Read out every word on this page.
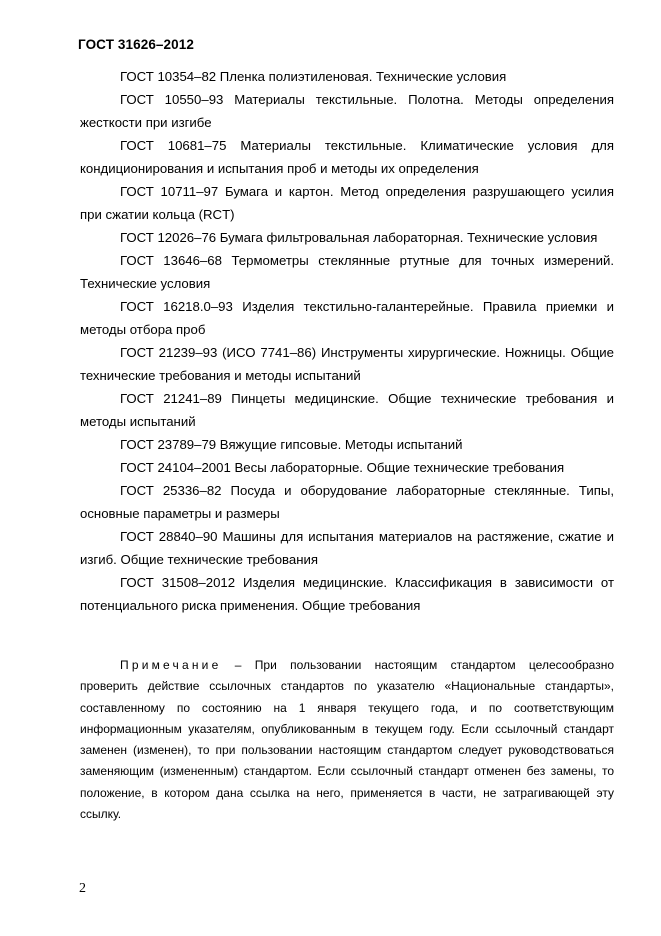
ГОСТ 31626–2012

ГОСТ 10354–82 Пленка полиэтиленовая. Технические условия

ГОСТ 10550–93 Материалы текстильные. Полотна. Методы определения жесткости при изгибе

ГОСТ 10681–75 Материалы текстильные. Климатические условия для кондиционирования и испытания проб и методы их определения

ГОСТ 10711–97 Бумага и картон. Метод определения разрушающего усилия при сжатии кольца (RCT)

ГОСТ 12026–76 Бумага фильтровальная лабораторная. Технические условия

ГОСТ 13646–68 Термометры стеклянные ртутные для точных измерений. Технические условия

ГОСТ 16218.0–93 Изделия текстильно-галантерейные. Правила приемки и методы отбора проб

ГОСТ 21239–93 (ИСО 7741–86) Инструменты хирургические. Ножницы. Общие технические требования и методы испытаний

ГОСТ 21241–89 Пинцеты медицинские. Общие технические требования и методы испытаний

ГОСТ 23789–79 Вяжущие гипсовые. Методы испытаний

ГОСТ 24104–2001 Весы лабораторные. Общие технические требования

ГОСТ 25336–82 Посуда и оборудование лабораторные стеклянные. Типы, основные параметры и размеры

ГОСТ 28840–90 Машины для испытания материалов на растяжение, сжатие и изгиб. Общие технические требования

ГОСТ 31508–2012 Изделия медицинские. Классификация в зависимости от потенциального риска применения. Общие требования

Примечание – При пользовании настоящим стандартом целесообразно проверить действие ссылочных стандартов по указателю «Национальные стандарты», составленному по состоянию на 1 января текущего года, и по соответствующим информационным указателям, опубликованным в текущем году. Если ссылочный стандарт заменен (изменен), то при пользовании настоящим стандартом следует руководствоваться заменяющим (измененным) стандартом. Если ссылочный стандарт отменен без замены, то положение, в котором дана ссылка на него, применяется в части, не затрагивающей эту ссылку.

2
